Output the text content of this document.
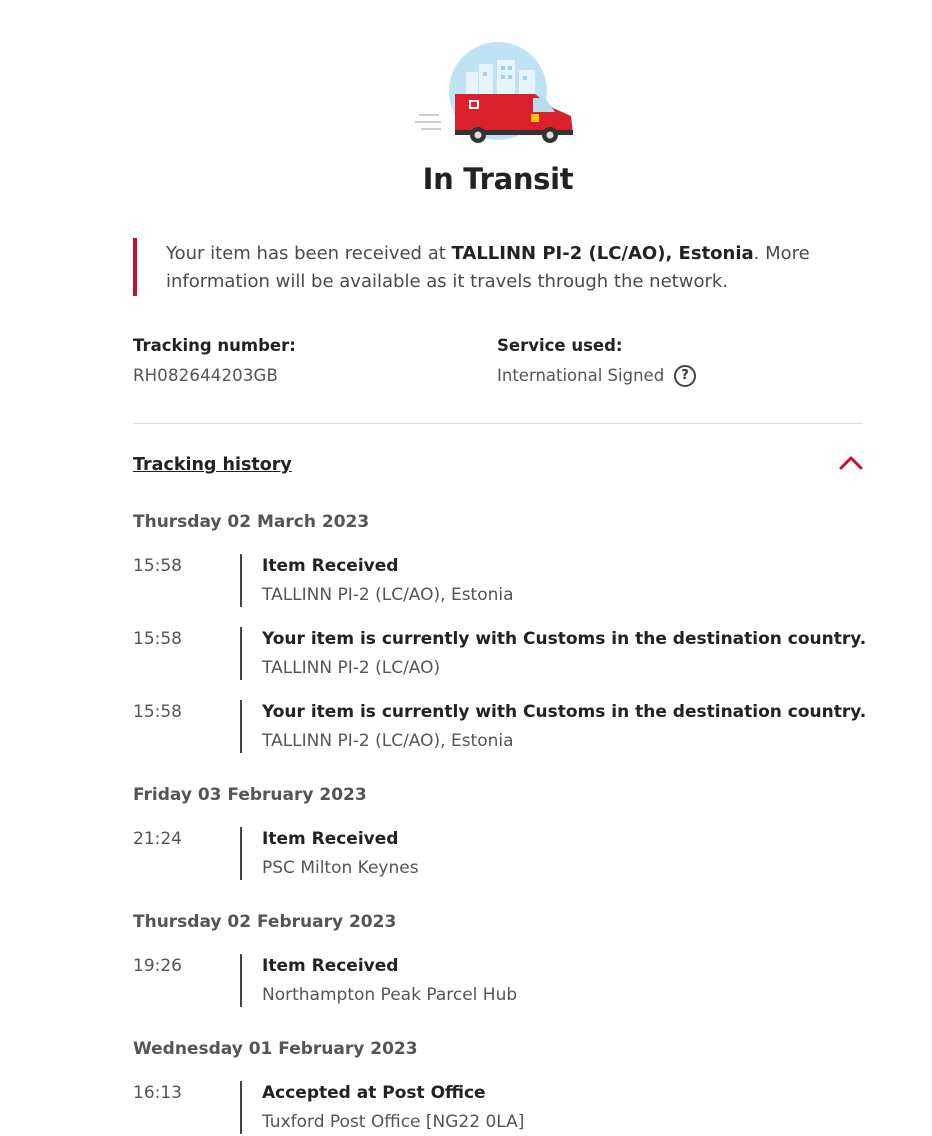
In Transit
Your item has been received at TALLINN PI-2 (LC/AO), Estonia. More information will be available as it travels through the network.
Tracking number:
RH082644203GB
Service used:
International Signed	?
Tracking history
Thursday 02 March 2023
15:58	Item Received
TALLINN PI-2 (LC/AO), Estonia
15:58	Your item is currently with Customs in the destination country.
TALLINN PI-2 (LC/AO)
15:58	Your item is currently with Customs in the destination country.
TALLINN PI-2 (LC/AO), Estonia
Friday 03 February 2023
21:24	Item Received
PSC Milton Keynes
Thursday 02 February 2023
19:26	Item Received
Northampton Peak Parcel Hub
Wednesday 01 February 2023
16:13	Accepted at Post Office
Tuxford Post Office [NG22 0LA]
